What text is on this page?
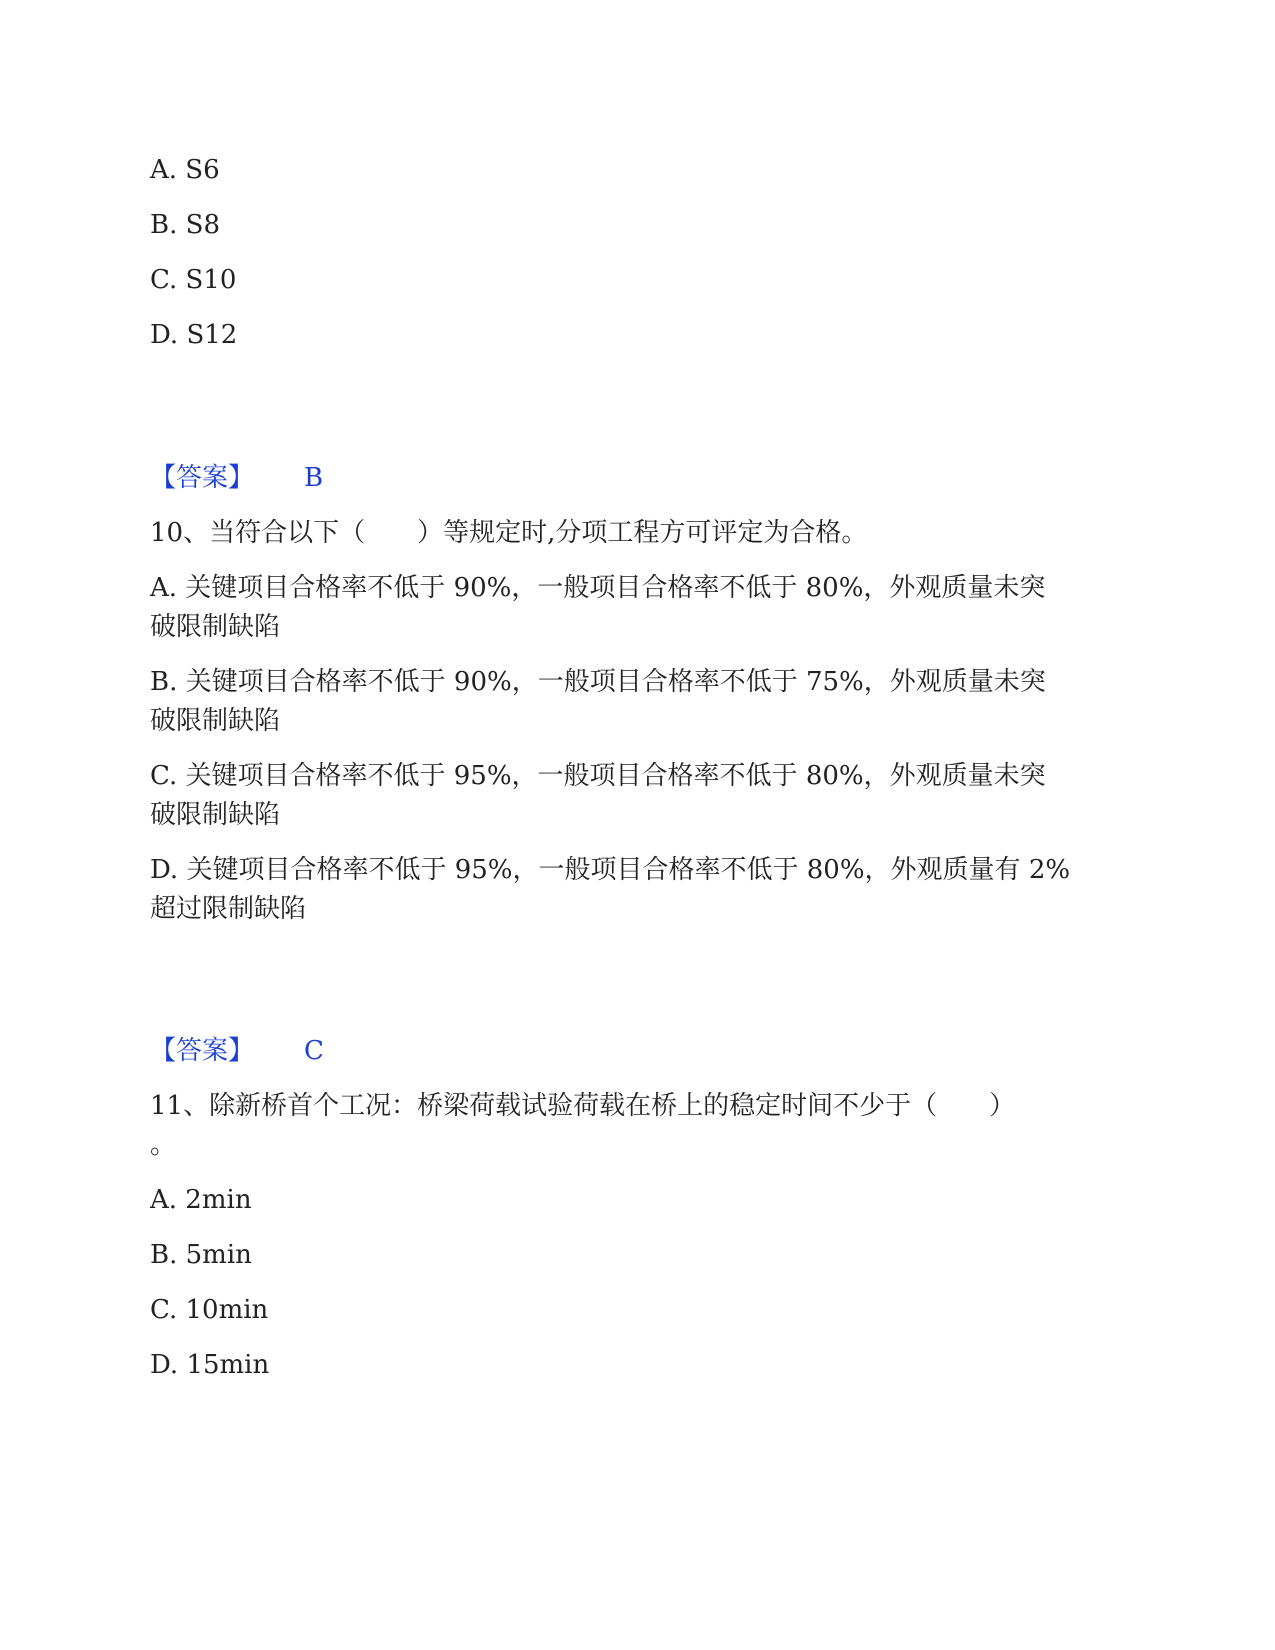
A. S6
B. S8
C. S10
D. S12
【答案】 B
10、当符合以下（　　）等规定时,分项工程方可评定为合格。
A. 关键项目合格率不低于 90%，一般项目合格率不低于 80%，外观质量未突
破限制缺陷
B. 关键项目合格率不低于 90%，一般项目合格率不低于 75%，外观质量未突
破限制缺陷
C. 关键项目合格率不低于 95%，一般项目合格率不低于 80%，外观质量未突
破限制缺陷
D. 关键项目合格率不低于 95%，一般项目合格率不低于 80%，外观质量有 2%
超过限制缺陷
【答案】 C
11、除新桥首个工况：桥梁荷载试验荷载在桥上的稳定时间不少于（　　）
。
A. 2min
B. 5min
C. 10min
D. 15min
